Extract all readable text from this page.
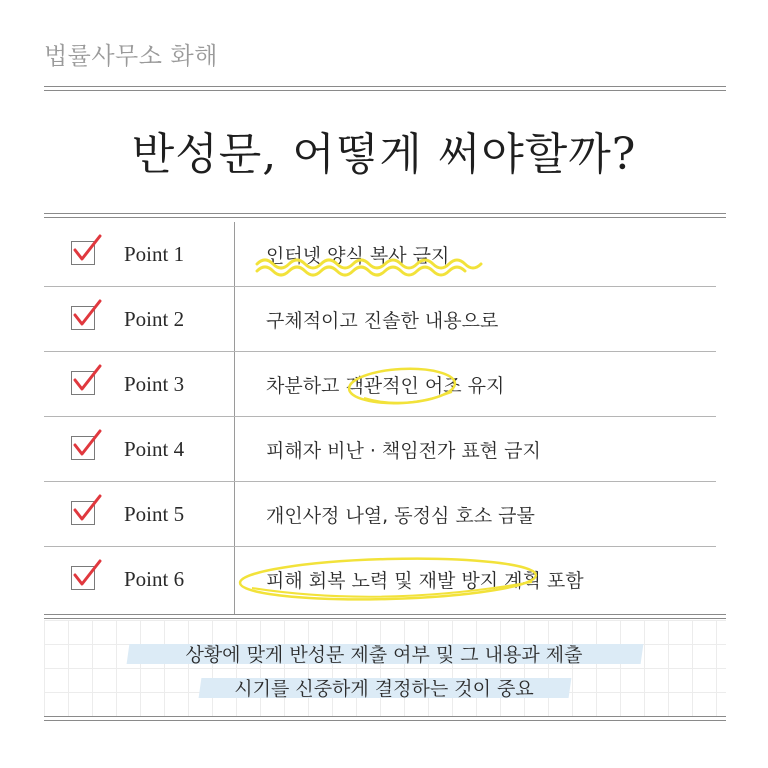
법률사무소 화해
반성문, 어떻게 써야할까?
Point 1	인터넷 양식 복사 금지
Point 2	구체적이고 진솔한 내용으로
Point 3	차분하고 객관적인 어조 유지
Point 4	피해자 비난 · 책임전가 표현 금지
Point 5	개인사정 나열, 동정심 호소 금물
Point 6	피해 회복 노력 및 재발 방지 계획 포함
상황에 맞게 반성문 제출 여부 및 그 내용과 제출
시기를 신중하게 결정하는 것이 중요
